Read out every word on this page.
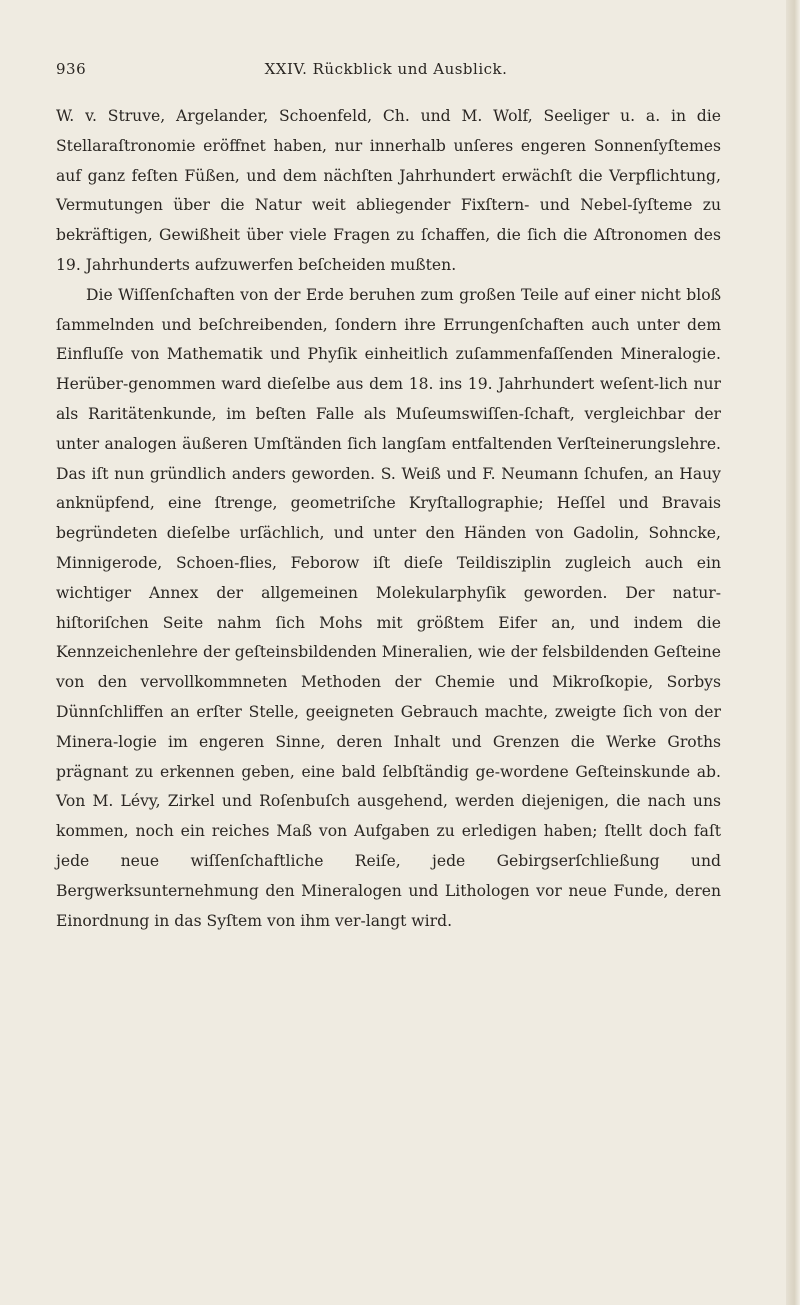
936	XXIV. Rückblick und Ausblick.

W. v. Struve, Argelander, Schoenfeld, Ch. und M. Wolf, Seeliger u. a. in die Stellaraſtronomie eröffnet haben, nur innerhalb unſeres engeren Sonnenſyſtemes auf ganz feſten Füßen, und dem nächſten Jahrhundert erwächſt die Verpflichtung, Vermutungen über die Natur weit abliegender Fixſtern- und Nebel-ſyſteme zu bekräftigen, Gewißheit über viele Fragen zu ſchaffen, die ſich die Aſtronomen des 19. Jahrhunderts aufzuwerfen beſcheiden mußten.

Die Wiſſenſchaften von der Erde beruhen zum großen Teile auf einer nicht bloß ſammelnden und beſchreibenden, ſondern ihre Errungenſchaften auch unter dem Einfluſſe von Mathematik und Phyſik einheitlich zuſammenfaſſenden Mineralogie. Herüber-genommen ward dieſelbe aus dem 18. ins 19. Jahrhundert weſent-lich nur als Raritätenkunde, im beſten Falle als Muſeumswiſſen-ſchaft, vergleichbar der unter analogen äußeren Umſtänden ſich langſam entfaltenden Verſteinerungslehre. Das iſt nun gründlich anders geworden. S. Weiß und F. Neumann ſchufen, an Hauy anknüpfend, eine ſtrenge, geometriſche Kryſtallographie; Heſſel und Bravais begründeten dieſelbe urſächlich, und unter den Händen von Gadolin, Sohncke, Minnigerode, Schoen-flies, Feborow iſt dieſe Teildisziplin zugleich auch ein wichtiger Annex der allgemeinen Molekularphyſik geworden. Der natur-hiſtoriſchen Seite nahm ſich Mohs mit größtem Eifer an, und indem die Kennzeichenlehre der geſteinsbildenden Mineralien, wie der felsbildenden Geſteine von den vervollkommneten Methoden der Chemie und Mikroſkopie, Sorbys Dünnſchliffen an erſter Stelle, geeigneten Gebrauch machte, zweigte ſich von der Minera-logie im engeren Sinne, deren Inhalt und Grenzen die Werke Groths prägnant zu erkennen geben, eine bald ſelbſtändig ge-wordene Geſteinskunde ab. Von M. Lévy, Zirkel und Roſenbuſch ausgehend, werden diejenigen, die nach uns kommen, noch ein reiches Maß von Aufgaben zu erledigen haben; ſtellt doch faſt jede neue wiſſenſchaftliche Reiſe, jede Gebirgserſchließung und Bergwerksunternehmung den Mineralogen und Lithologen vor neue Funde, deren Einordnung in das Syſtem von ihm ver-langt wird.
